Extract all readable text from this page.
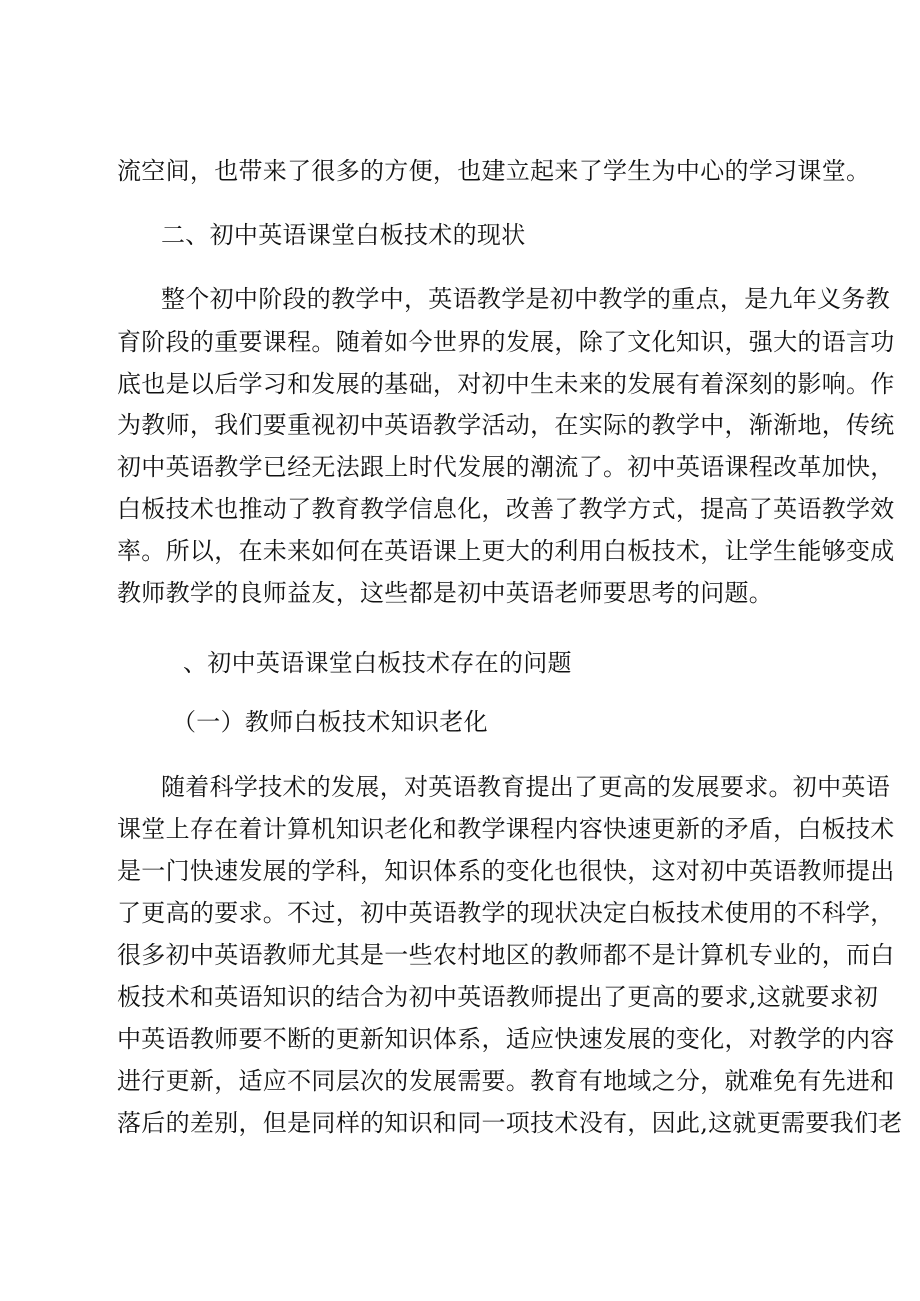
流空间，也带来了很多的方便，也建立起来了学生为中心的学习课堂。
二、初中英语课堂白板技术的现状
整个初中阶段的教学中，英语教学是初中教学的重点，是九年义务教
育阶段的重要课程。随着如今世界的发展，除了文化知识，强大的语言功
底也是以后学习和发展的基础，对初中生未来的发展有着深刻的影响。作
为教师，我们要重视初中英语教学活动，在实际的教学中，渐渐地，传统
初中英语教学已经无法跟上时代发展的潮流了。初中英语课程改革加快，
白板技术也推动了教育教学信息化，改善了教学方式，提高了英语教学效
率。所以，在未来如何在英语课上更大的利用白板技术，让学生能够变成
教师教学的良师益友，这些都是初中英语老师要思考的问题。
、初中英语课堂白板技术存在的问题
（一）教师白板技术知识老化
随着科学技术的发展，对英语教育提出了更高的发展要求。初中英语
课堂上存在着计算机知识老化和教学课程内容快速更新的矛盾，白板技术
是一门快速发展的学科，知识体系的变化也很快，这对初中英语教师提出
了更高的要求。不过，初中英语教学的现状决定白板技术使用的不科学，
很多初中英语教师尤其是一些农村地区的教师都不是计算机专业的，而白
板技术和英语知识的结合为初中英语教师提出了更高的要求,这就要求初
中英语教师要不断的更新知识体系，适应快速发展的变化，对教学的内容
进行更新，适应不同层次的发展需要。教育有地域之分，就难免有先进和
落后的差别，但是同样的知识和同一项技术没有，因此,这就更需要我们老
